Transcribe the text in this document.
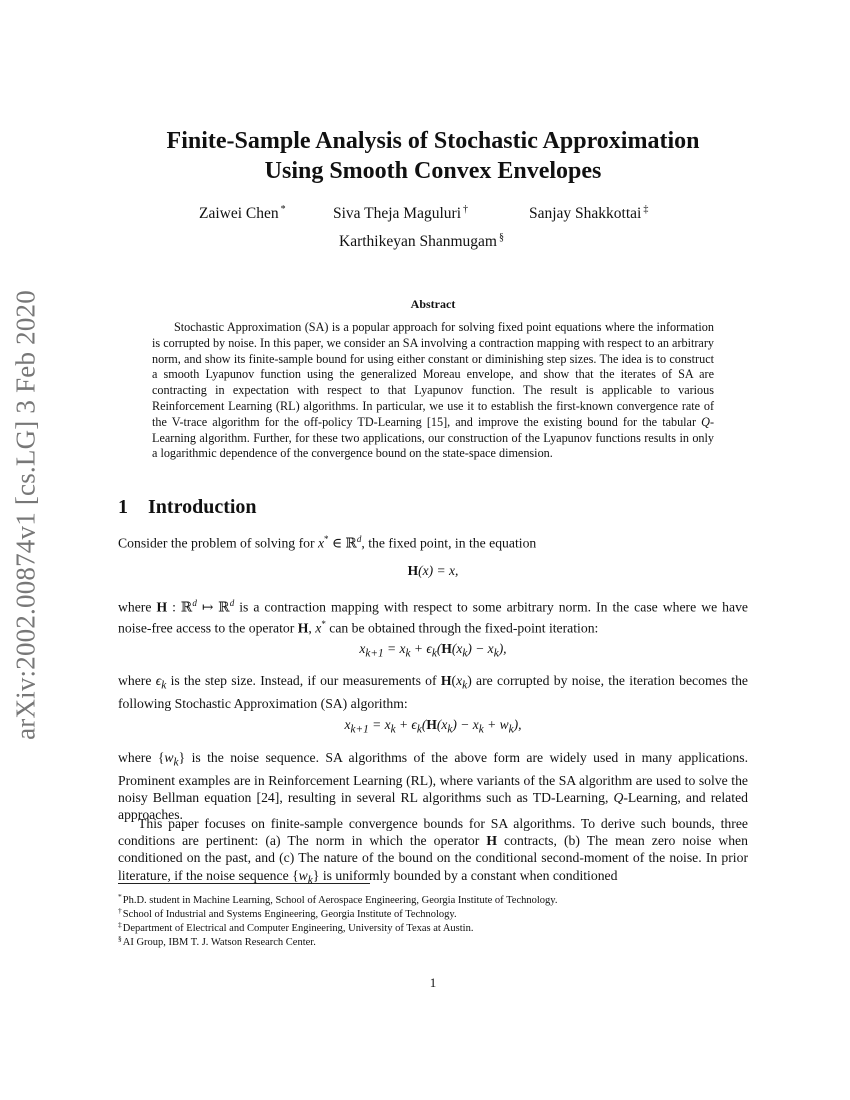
arXiv:2002.00874v1 [cs.LG] 3 Feb 2020
Finite-Sample Analysis of Stochastic Approximation
Using Smooth Convex Envelopes
Zaiwei Chen *	Siva Theja Maguluri †	Sanjay Shakkottai ‡
Karthikeyan Shanmugam §
Abstract

Stochastic Approximation (SA) is a popular approach for solving fixed point equations where the information is corrupted by noise. In this paper, we consider an SA involving a contraction mapping with respect to an arbitrary norm, and show its finite-sample bound for using either constant or diminishing step sizes. The idea is to construct a smooth Lyapunov function using the generalized Moreau envelope, and show that the iterates of SA are contracting in expectation with respect to that Lyapunov function. The result is applicable to various Reinforcement Learning (RL) algorithms. In particular, we use it to establish the first-known convergence rate of the V-trace algorithm for the off-policy TD-Learning [15], and improve the existing bound for the tabular Q-Learning algorithm. Further, for these two applications, our construction of the Lyapunov functions results in only a logarithmic dependence of the convergence bound on the state-space dimension.

1 Introduction

Consider the problem of solving for x* ∈ ℝ$^d$, the fixed point, in the equation

H(x) = x,

where H : ℝ$^d$ ↦ ℝ$^d$ is a contraction mapping with respect to some arbitrary norm. In the case where we have noise-free access to the operator H, x* can be obtained through the fixed-point iteration:

$x_{k+1} = x_k + \epsilon_k(H(x_k) - x_k)$,

where $\epsilon_k$ is the step size. Instead, if our measurements of $H(x_k)$ are corrupted by noise, the iteration becomes the following Stochastic Approximation (SA) algorithm:

$x_{k+1} = x_k + \epsilon_k(H(x_k) - x_k + w_k)$,

where $\{w_k\}$ is the noise sequence. SA algorithms of the above form are widely used in many applications. Prominent examples are in Reinforcement Learning (RL), where variants of the SA algorithm are used to solve the noisy Bellman equation [24], resulting in several RL algorithms such as TD-Learning, Q-Learning, and related approaches.

This paper focuses on finite-sample convergence bounds for SA algorithms. To derive such bounds, three conditions are pertinent: (a) The norm in which the operator H contracts, (b) The mean zero noise when conditioned on the past, and (c) The nature of the bound on the conditional second-moment of the noise. In prior literature, if the noise sequence $\{w_k\}$ is uniformly bounded by a constant when conditioned

*Ph.D. student in Machine Learning, School of Aerospace Engineering, Georgia Institute of Technology.
†School of Industrial and Systems Engineering, Georgia Institute of Technology.
‡Department of Electrical and Computer Engineering, University of Texas at Austin.
§AI Group, IBM T. J. Watson Research Center.
1
